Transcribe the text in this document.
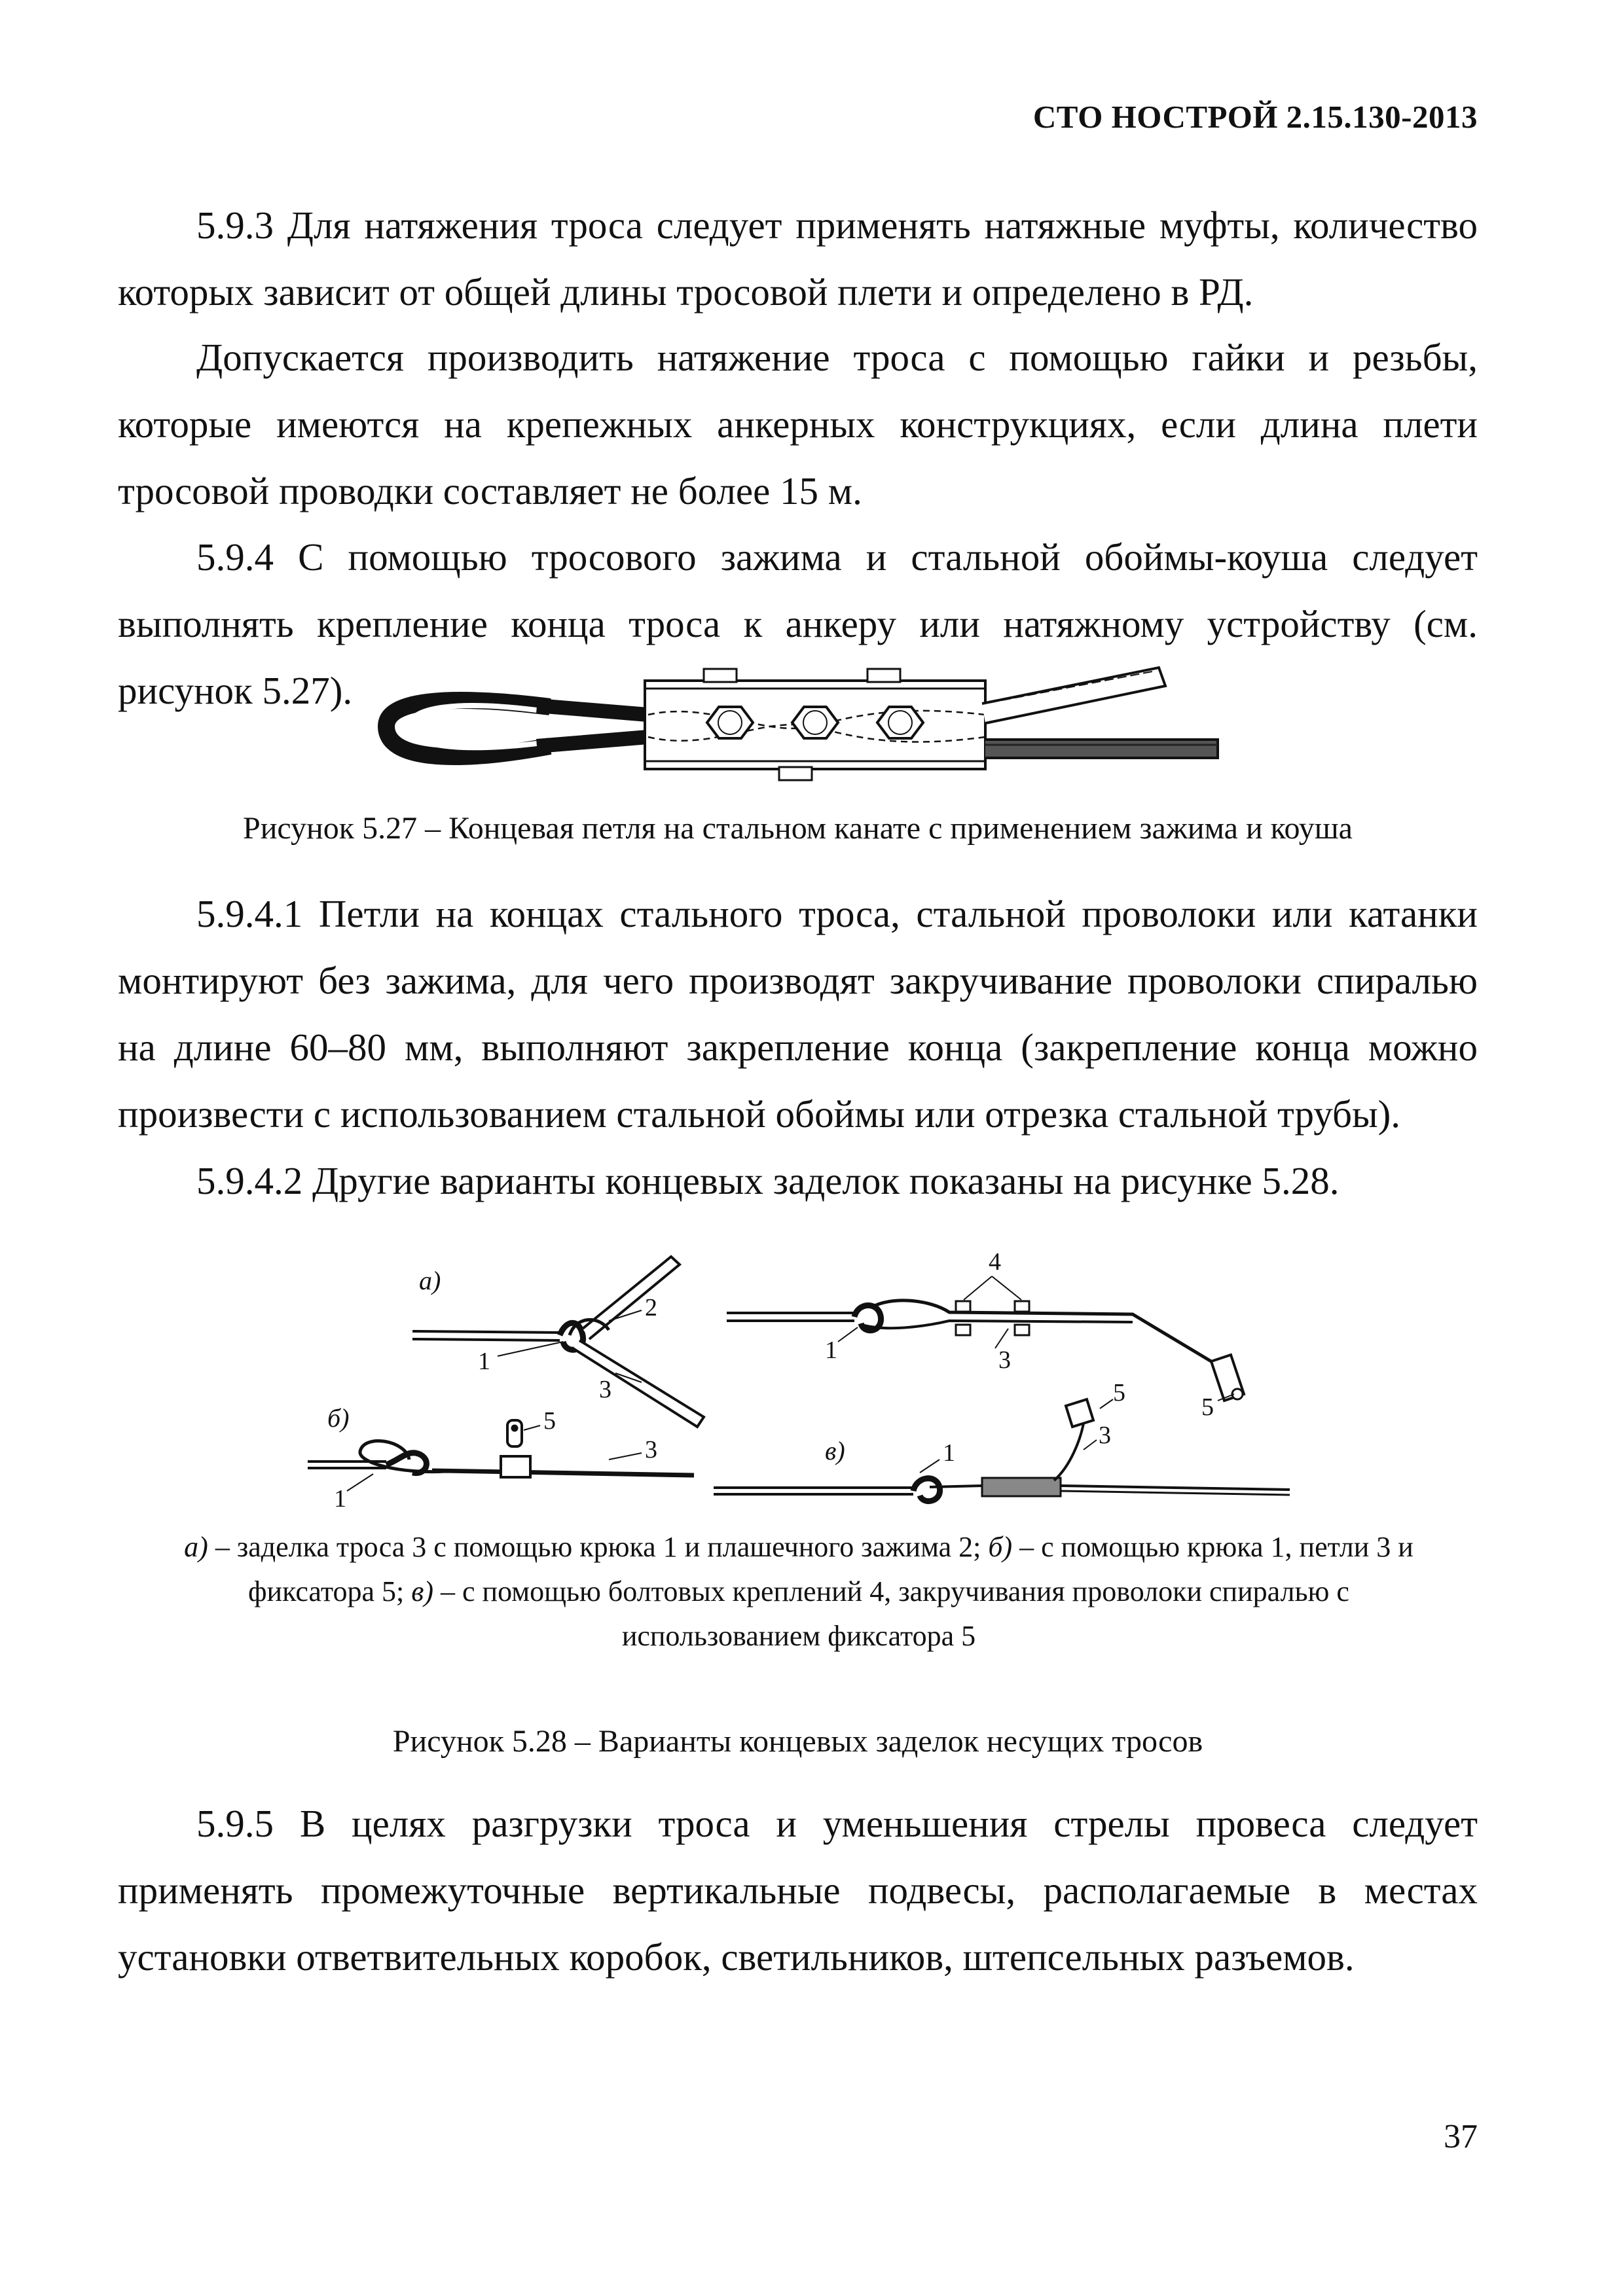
СТО НОСТРОЙ 2.15.130-2013

5.9.3 Для натяжения троса следует применять натяжные муфты, количество которых зависит от общей длины тросовой плети и определено в РД.

Допускается производить натяжение троса с помощью гайки и резьбы, которые имеются на крепежных анкерных конструкциях, если длина плети тросовой проводки составляет не более 15 м.

5.9.4 С помощью тросового зажима и стальной обоймы-коуша следует выполнять крепление конца троса к анкеру или натяжному устройству (см. рисунок 5.27).

Рисунок 5.27 – Концевая петля на стальном канате с применением зажима и коуша

5.9.4.1 Петли на концах стального троса, стальной проволоки или катанки монтируют без зажима, для чего производят закручивание проволоки спиралью на длине 60–80 мм, выполняют закрепление конца (закрепление конца можно произвести с использованием стальной обоймы или отрезка стальной трубы).

5.9.4.2 Другие варианты концевых заделок показаны на рисунке 5.28.

а)
1
2
3
б)
1
3
5
4
1	3
5
в)	1
3
5

а) – заделка троса 3 с помощью крюка 1 и плашечного зажима 2; б) – с помощью крюка 1, петли 3 и фиксатора 5; в) – с помощью болтовых креплений 4, закручивания проволоки спиралью с использованием фиксатора 5

Рисунок 5.28 – Варианты концевых заделок несущих тросов

5.9.5 В целях разгрузки троса и уменьшения стрелы провеса следует применять промежуточные вертикальные подвесы, располагаемые в местах установки ответвительных коробок, светильников, штепсельных разъемов.

37
